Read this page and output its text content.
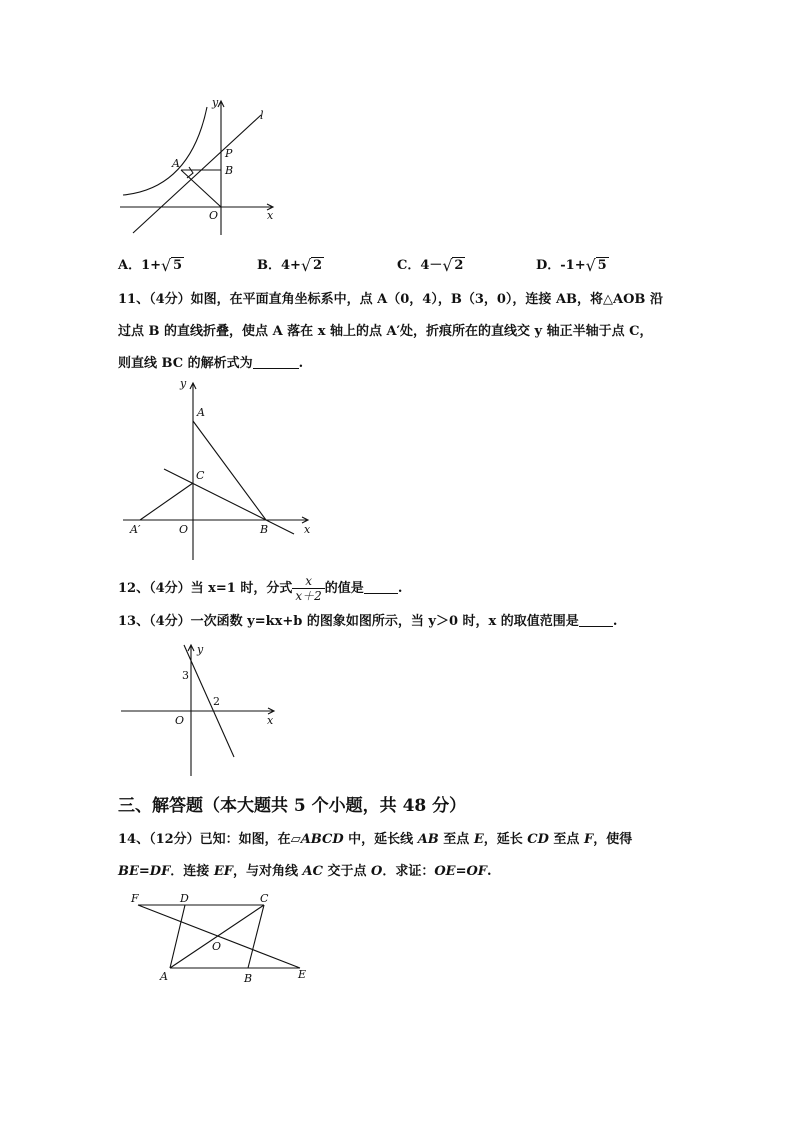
y
l
A
P
B
O	x
A．1+ √ 5	B．4+ √ 2	C．4－ √ 2	D．-1+ √ 5
11、（4分）如图，在平面直角坐标系中，点 A（0，4），B（3，0），连接 AB，将△AOB 沿
过点 B 的直线折叠，使点 A 落在 x 轴上的点 A′处，折痕所在的直线交 y 轴正半轴于点 C，
则直线 BC 的解析式为	.
y
A
C
A′	O	B	x
12、（4分）当 x=1 时，分式 $\frac{x}{x+2}$ 的值是	.
13、（4分）一次函数 y=kx+b 的图象如图所示，当 y＞0 时，x 的取值范围是	.
y
3
2
O	x
三、解答题（本大题共 5 个小题，共 48 分）
14、（12分）已知：如图，在▱ABCD 中，延长线 AB 至点 E，延长 CD 至点 F，使得
BE=DF．连接 EF，与对角线 AC 交于点 O．求证：OE=OF.
F	D	C
O
A	B	E
